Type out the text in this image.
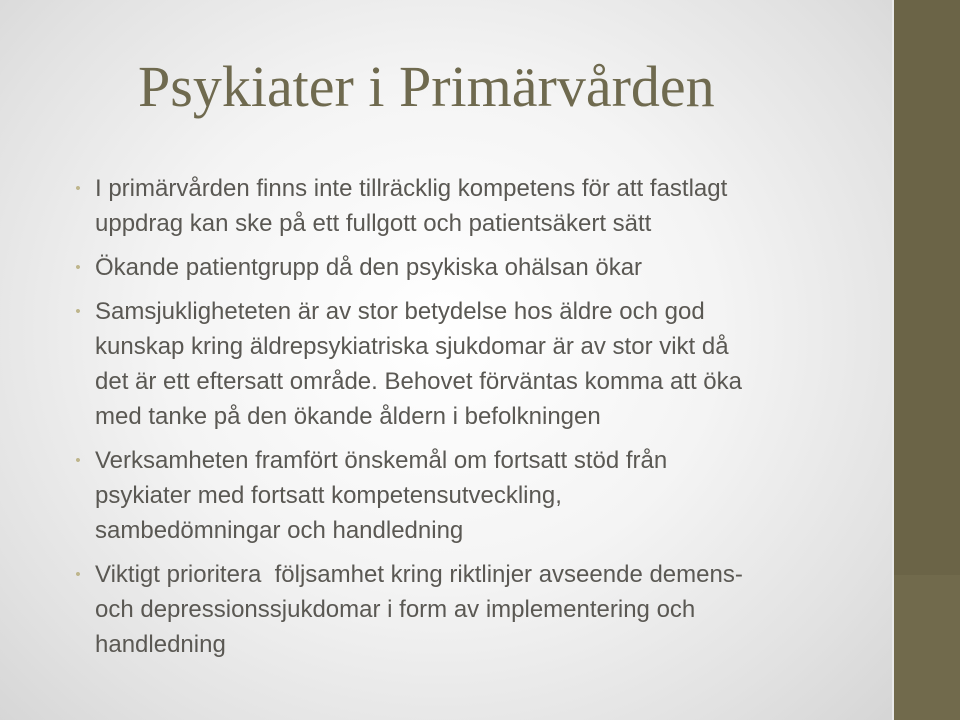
Psykiater i Primärvården
• I primärvården finns inte tillräcklig kompetens för att fastlagt
uppdrag kan ske på ett fullgott och patientsäkert sätt
• Ökande patientgrupp då den psykiska ohälsan ökar
• Samsjukligheteten är av stor betydelse hos äldre och god
kunskap kring äldrepsykiatriska sjukdomar är av stor vikt då
det är ett eftersatt område. Behovet förväntas komma att öka
med tanke på den ökande åldern i befolkningen
• Verksamheten framfört önskemål om fortsatt stöd från
psykiater med fortsatt kompetensutveckling,
sambedömningar och handledning
• Viktigt prioritera  följsamhet kring riktlinjer avseende demens-
och depressionssjukdomar i form av implementering och
handledning
